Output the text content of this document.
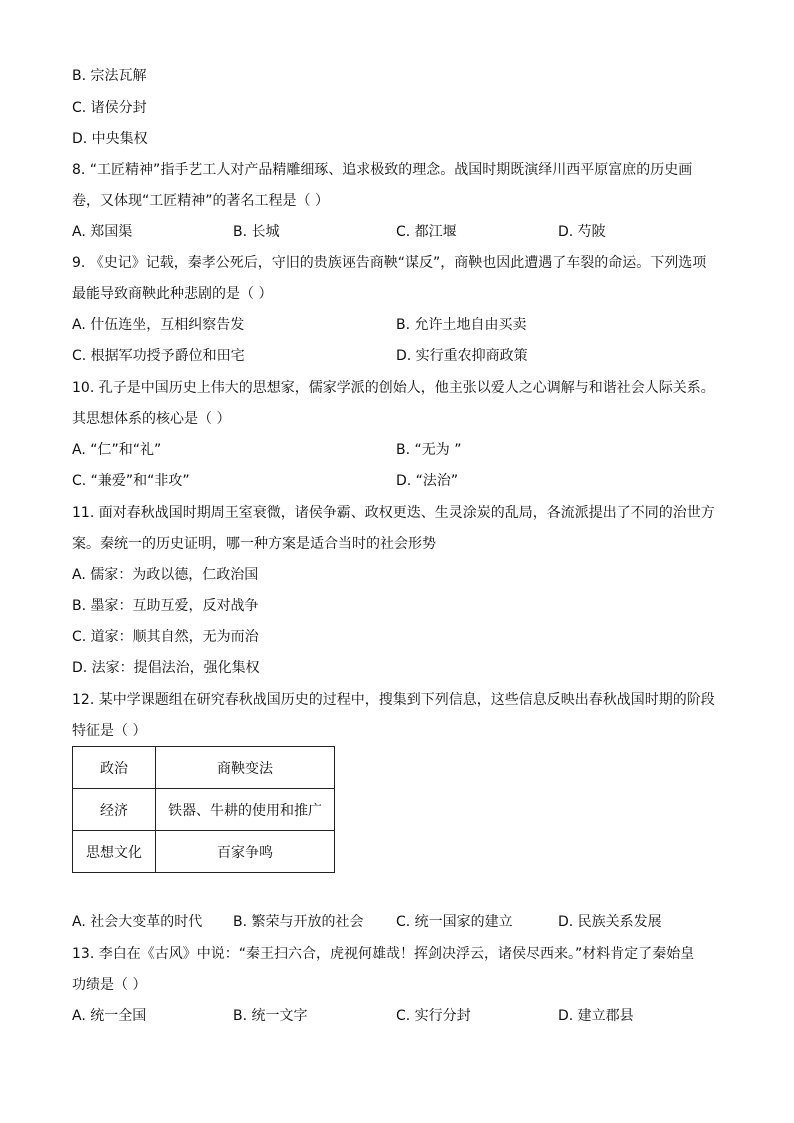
B. 宗法瓦解
C. 诸侯分封
D. 中央集权
8. “工匠精神”指手艺工人对产品精雕细琢、追求极致的理念。战国时期既演绎川西平原富庶的历史画
卷，又体现“工匠精神”的著名工程是（ ）
A. 郑国渠	B. 长城	C. 都江堰	D. 芍陂
9. 《史记》记载，秦孝公死后，守旧的贵族诬告商鞅“谋反”，商鞅也因此遭遇了车裂的命运。下列选项
最能导致商鞅此种悲剧的是（ ）
A. 什伍连坐，互相纠察告发	B. 允许土地自由买卖
C. 根据军功授予爵位和田宅	D. 实行重农抑商政策
10. 孔子是中国历史上伟大的思想家，儒家学派的创始人，他主张以爱人之心调解与和谐社会人际关系。
其思想体系的核心是（ ）
A. “仁”和“礼”	B. “无为 ”
C. “兼爱”和“非攻”	D. “法治”
11. 面对春秋战国时期周王室衰微，诸侯争霸、政权更迭、生灵涂炭的乱局，各流派提出了不同的治世方
案。秦统一的历史证明，哪一种方案是适合当时的社会形势
A. 儒家：为政以德，仁政治国
B. 墨家：互助互爱，反对战争
C. 道家：顺其自然，无为而治
D. 法家：提倡法治，强化集权
12. 某中学课题组在研究春秋战国历史的过程中，搜集到下列信息，这些信息反映出春秋战国时期的阶段
特征是（ ）
政治	商鞅变法
经济	铁器、牛耕的使用和推广
思想文化	百家争鸣
A. 社会大变革的时代 B. 繁荣与开放的社会 C. 统一国家的建立	D. 民族关系发展
13. 李白在《古风》中说：“秦王扫六合，虎视何雄哉！挥剑决浮云，诸侯尽西来。”材料肯定了秦始皇
功绩是（ ）
A. 统一全国	B. 统一文字	C. 实行分封	D. 建立郡县
